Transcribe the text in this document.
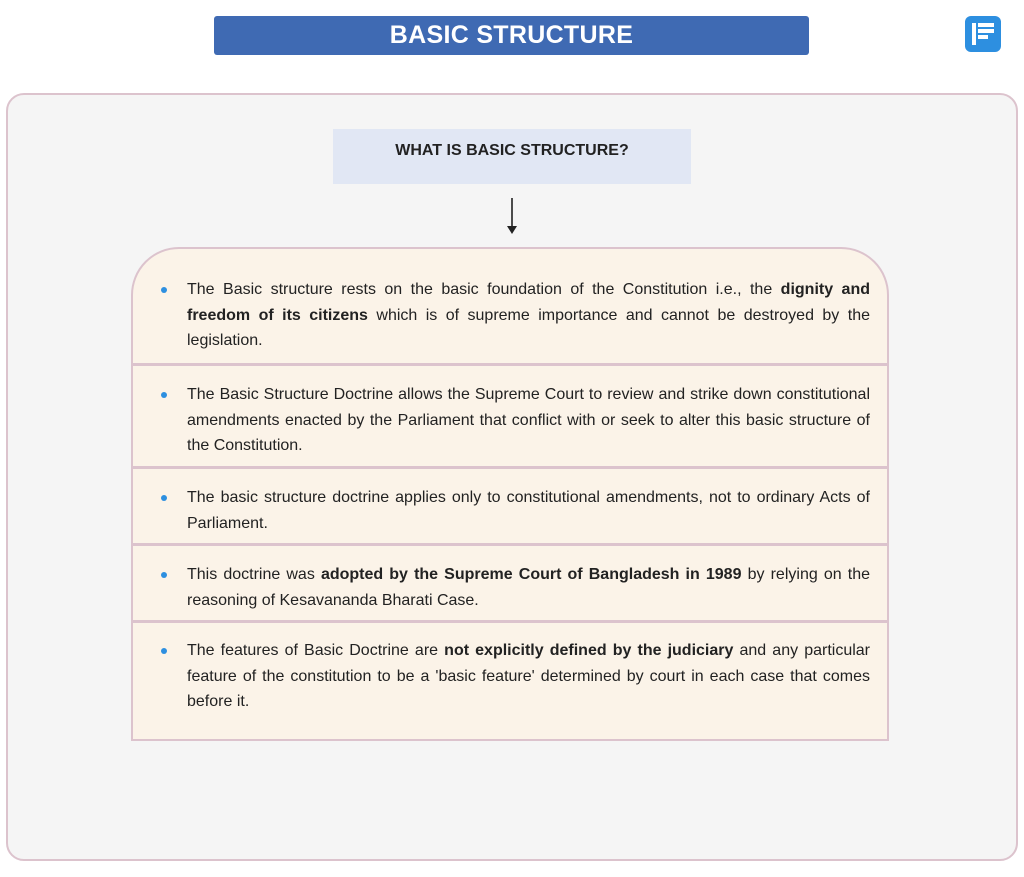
BASIC STRUCTURE
WHAT IS BASIC STRUCTURE?
The Basic structure rests on the basic foundation of the Constitution i.e., the dignity and freedom of its citizens which is of supreme importance and cannot be destroyed by the legislation.
The Basic Structure Doctrine allows the Supreme Court to review and strike down constitutional amendments enacted by the Parliament that conflict with or seek to alter this basic structure of the Constitution.
The basic structure doctrine applies only to constitutional amendments, not to ordinary Acts of Parliament.
This doctrine was adopted by the Supreme Court of Bangladesh in 1989 by relying on the reasoning of Kesavananda Bharati Case.
The features of Basic Doctrine are not explicitly defined by the judiciary and any particular feature of the constitution to be a 'basic feature' determined by court in each case that comes before it.
